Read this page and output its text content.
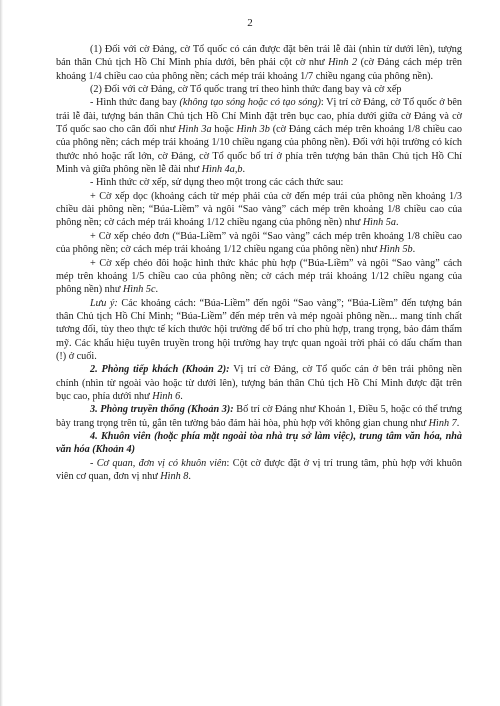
2

(1) Đối với cờ Đảng, cờ Tổ quốc có cán được đặt bên trái lễ đài (nhìn từ dưới lên), tượng bán thân Chủ tịch Hồ Chí Minh phía dưới, bên phải cột cờ như Hình 2 (cờ Đảng cách mép trên khoảng 1/4 chiều cao của phông nền; cách mép trái khoảng 1/7 chiều ngang của phông nền).

(2) Đối với cờ Đảng, cờ Tổ quốc trang trí theo hình thức đang bay và cờ xếp

- Hình thức đang bay (không tạo sóng hoặc có tạo sóng): Vị trí cờ Đảng, cờ Tổ quốc ở bên trái lễ đài, tượng bán thân Chủ tịch Hồ Chí Minh đặt trên bục cao, phía dưới giữa cờ Đảng và cờ Tổ quốc sao cho cân đối như Hình 3a hoặc Hình 3b (cờ Đảng cách mép trên khoảng 1/8 chiều cao của phông nền; cách mép trái khoảng 1/10 chiều ngang của phông nền). Đối với hội trường có kích thước nhỏ hoặc rất lớn, cờ Đảng, cờ Tổ quốc bố trí ở phía trên tượng bán thân Chủ tịch Hồ Chí Minh và giữa phông nền lễ đài như Hình 4a,b.

- Hình thức cờ xếp, sử dụng theo một trong các cách thức sau:

+ Cờ xếp dọc (khoảng cách từ mép phải của cờ đến mép trái của phông nền khoảng 1/3 chiều dài phông nền; “Búa-Liềm” và ngôi “Sao vàng” cách mép trên khoảng 1/8 chiều cao của phông nền; cờ cách mép trái khoảng 1/12 chiều ngang của phông nền) như Hình 5a.

+ Cờ xếp chéo đơn (“Búa-Liềm” và ngôi “Sao vàng” cách mép trên khoảng 1/8 chiều cao của phông nền; cờ cách mép trái khoảng 1/12 chiều ngang của phông nền) như Hình 5b.

+ Cờ xếp chéo đôi hoặc hình thức khác phù hợp (“Búa-Liềm” và ngôi “Sao vàng” cách mép trên khoảng 1/5 chiều cao của phông nền; cờ cách mép trái khoảng 1/12 chiều ngang của phông nền) như Hình 5c.

Lưu ý: Các khoảng cách: “Búa-Liềm” đến ngôi “Sao vàng”; “Búa-Liềm” đến tượng bán thân Chủ tịch Hồ Chí Minh; “Búa-Liềm” đến mép trên và mép ngoài phông nền... mang tính chất tương đối, tùy theo thực tế kích thước hội trường để bố trí cho phù hợp, trang trọng, bảo đảm thẩm mỹ. Các khẩu hiệu tuyên truyền trong hội trường hay trực quan ngoài trời phải có dấu chấm than (!) ở cuối.

2. Phòng tiếp khách (Khoản 2): Vị trí cờ Đảng, cờ Tổ quốc cán ở bên trái phông nền chính (nhìn từ ngoài vào hoặc từ dưới lên), tượng bán thân Chủ tịch Hồ Chí Minh được đặt trên bục cao, phía dưới như Hình 6.

3. Phòng truyền thống (Khoản 3): Bố trí cờ Đảng như Khoản 1, Điều 5, hoặc có thể trưng bày trang trọng trên tủ, gắn tên tường bảo đảm hài hòa, phù hợp với không gian chung như Hình 7.

4. Khuôn viên (hoặc phía mặt ngoài tòa nhà trụ sở làm việc), trung tâm văn hóa, nhà văn hóa (Khoản 4)

- Cơ quan, đơn vị có khuôn viên: Cột cờ được đặt ở vị trí trung tâm, phù hợp với khuôn viên cơ quan, đơn vị như Hình 8.
